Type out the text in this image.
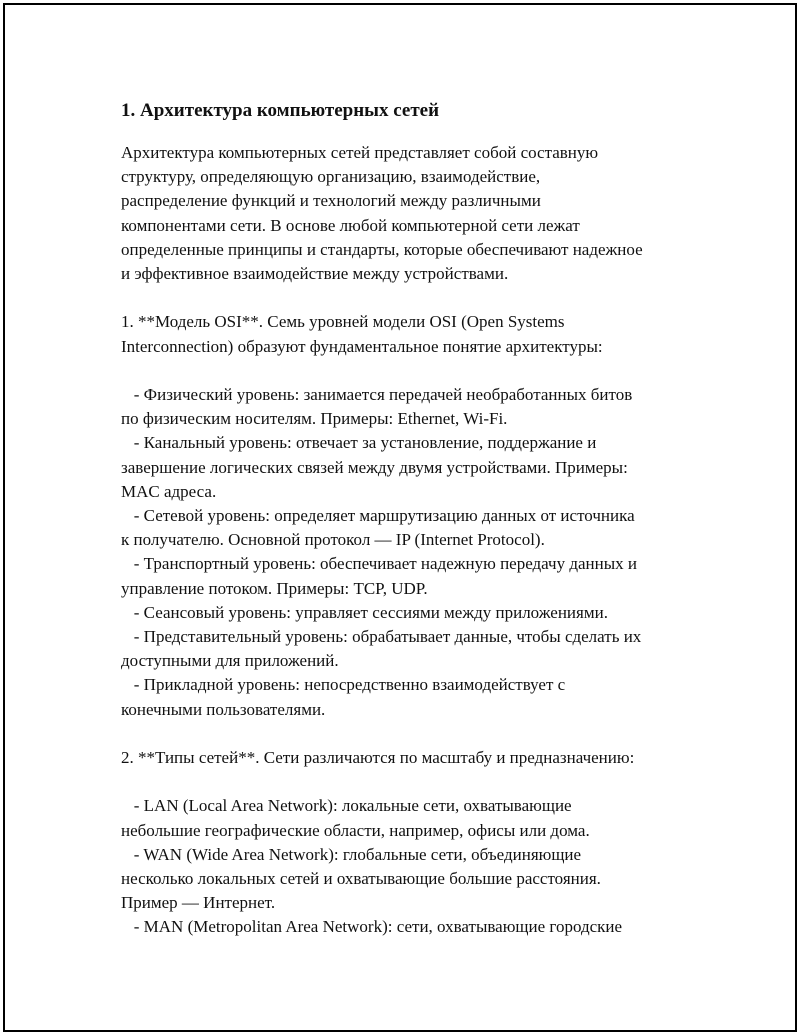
1. Архитектура компьютерных сетей
Архитектура компьютерных сетей представляет собой составную
структуру, определяющую организацию, взаимодействие,
распределение функций и технологий между различными
компонентами сети. В основе любой компьютерной сети лежат
определенные принципы и стандарты, которые обеспечивают надежное
и эффективное взаимодействие между устройствами.
1. **Модель OSI**. Семь уровней модели OSI (Open Systems
Interconnection) образуют фундаментальное понятие архитектуры:
- Физический уровень: занимается передачей необработанных битов
по физическим носителям. Примеры: Ethernet, Wi-Fi.
- Канальный уровень: отвечает за установление, поддержание и
завершение логических связей между двумя устройствами. Примеры:
MAC адреса.
- Сетевой уровень: определяет маршрутизацию данных от источника
к получателю. Основной протокол — IP (Internet Protocol).
- Транспортный уровень: обеспечивает надежную передачу данных и
управление потоком. Примеры: TCP, UDP.
- Сеансовый уровень: управляет сессиями между приложениями.
- Представительный уровень: обрабатывает данные, чтобы сделать их
доступными для приложений.
- Прикладной уровень: непосредственно взаимодействует с
конечными пользователями.
2. **Типы сетей**. Сети различаются по масштабу и предназначению:
- LAN (Local Area Network): локальные сети, охватывающие
небольшие географические области, например, офисы или дома.
- WAN (Wide Area Network): глобальные сети, объединяющие
несколько локальных сетей и охватывающие большие расстояния.
Пример — Интернет.
- MAN (Metropolitan Area Network): сети, охватывающие городские
